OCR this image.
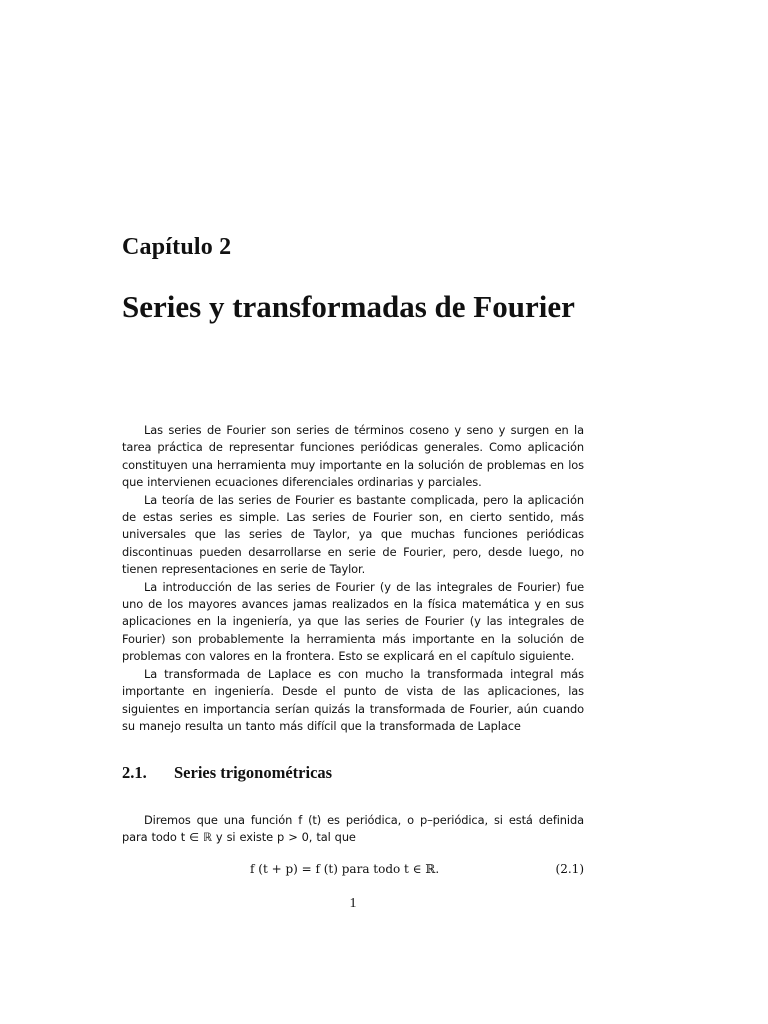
Capítulo 2
Series y transformadas de Fourier

Las series de Fourier son series de términos coseno y seno y surgen en la tarea práctica de representar funciones periódicas generales. Como aplicación constituyen una herramienta muy importante en la solución de problemas en los que intervienen ecuaciones diferenciales ordinarias y parciales.

La teoría de las series de Fourier es bastante complicada, pero la aplicación de estas series es simple. Las series de Fourier son, en cierto sentido, más universales que las series de Taylor, ya que muchas funciones periódicas discontinuas pueden desarrollarse en serie de Fourier, pero, desde luego, no tienen representaciones en serie de Taylor.

La introducción de las series de Fourier (y de las integrales de Fourier) fue uno de los mayores avances jamas realizados en la física matemática y en sus aplicaciones en la ingeniería, ya que las series de Fourier (y las integrales de Fourier) son probablemente la herramienta más importante en la solución de problemas con valores en la frontera. Esto se explicará en el capítulo siguiente.

La transformada de Laplace es con mucho la transformada integral más importante en ingeniería. Desde el punto de vista de las aplicaciones, las siguientes en importancia serían quizás la transformada de Fourier, aún cuando su manejo resulta un tanto más difícil que la transformada de Laplace

2.1. Series trigonométricas

Diremos que una función f (t) es periódica, o p–periódica, si está definida para todo t ∈ ℝ y si existe p > 0, tal que

f (t + p) = f (t) para todo t ∈ ℝ.	(2.1)
1
